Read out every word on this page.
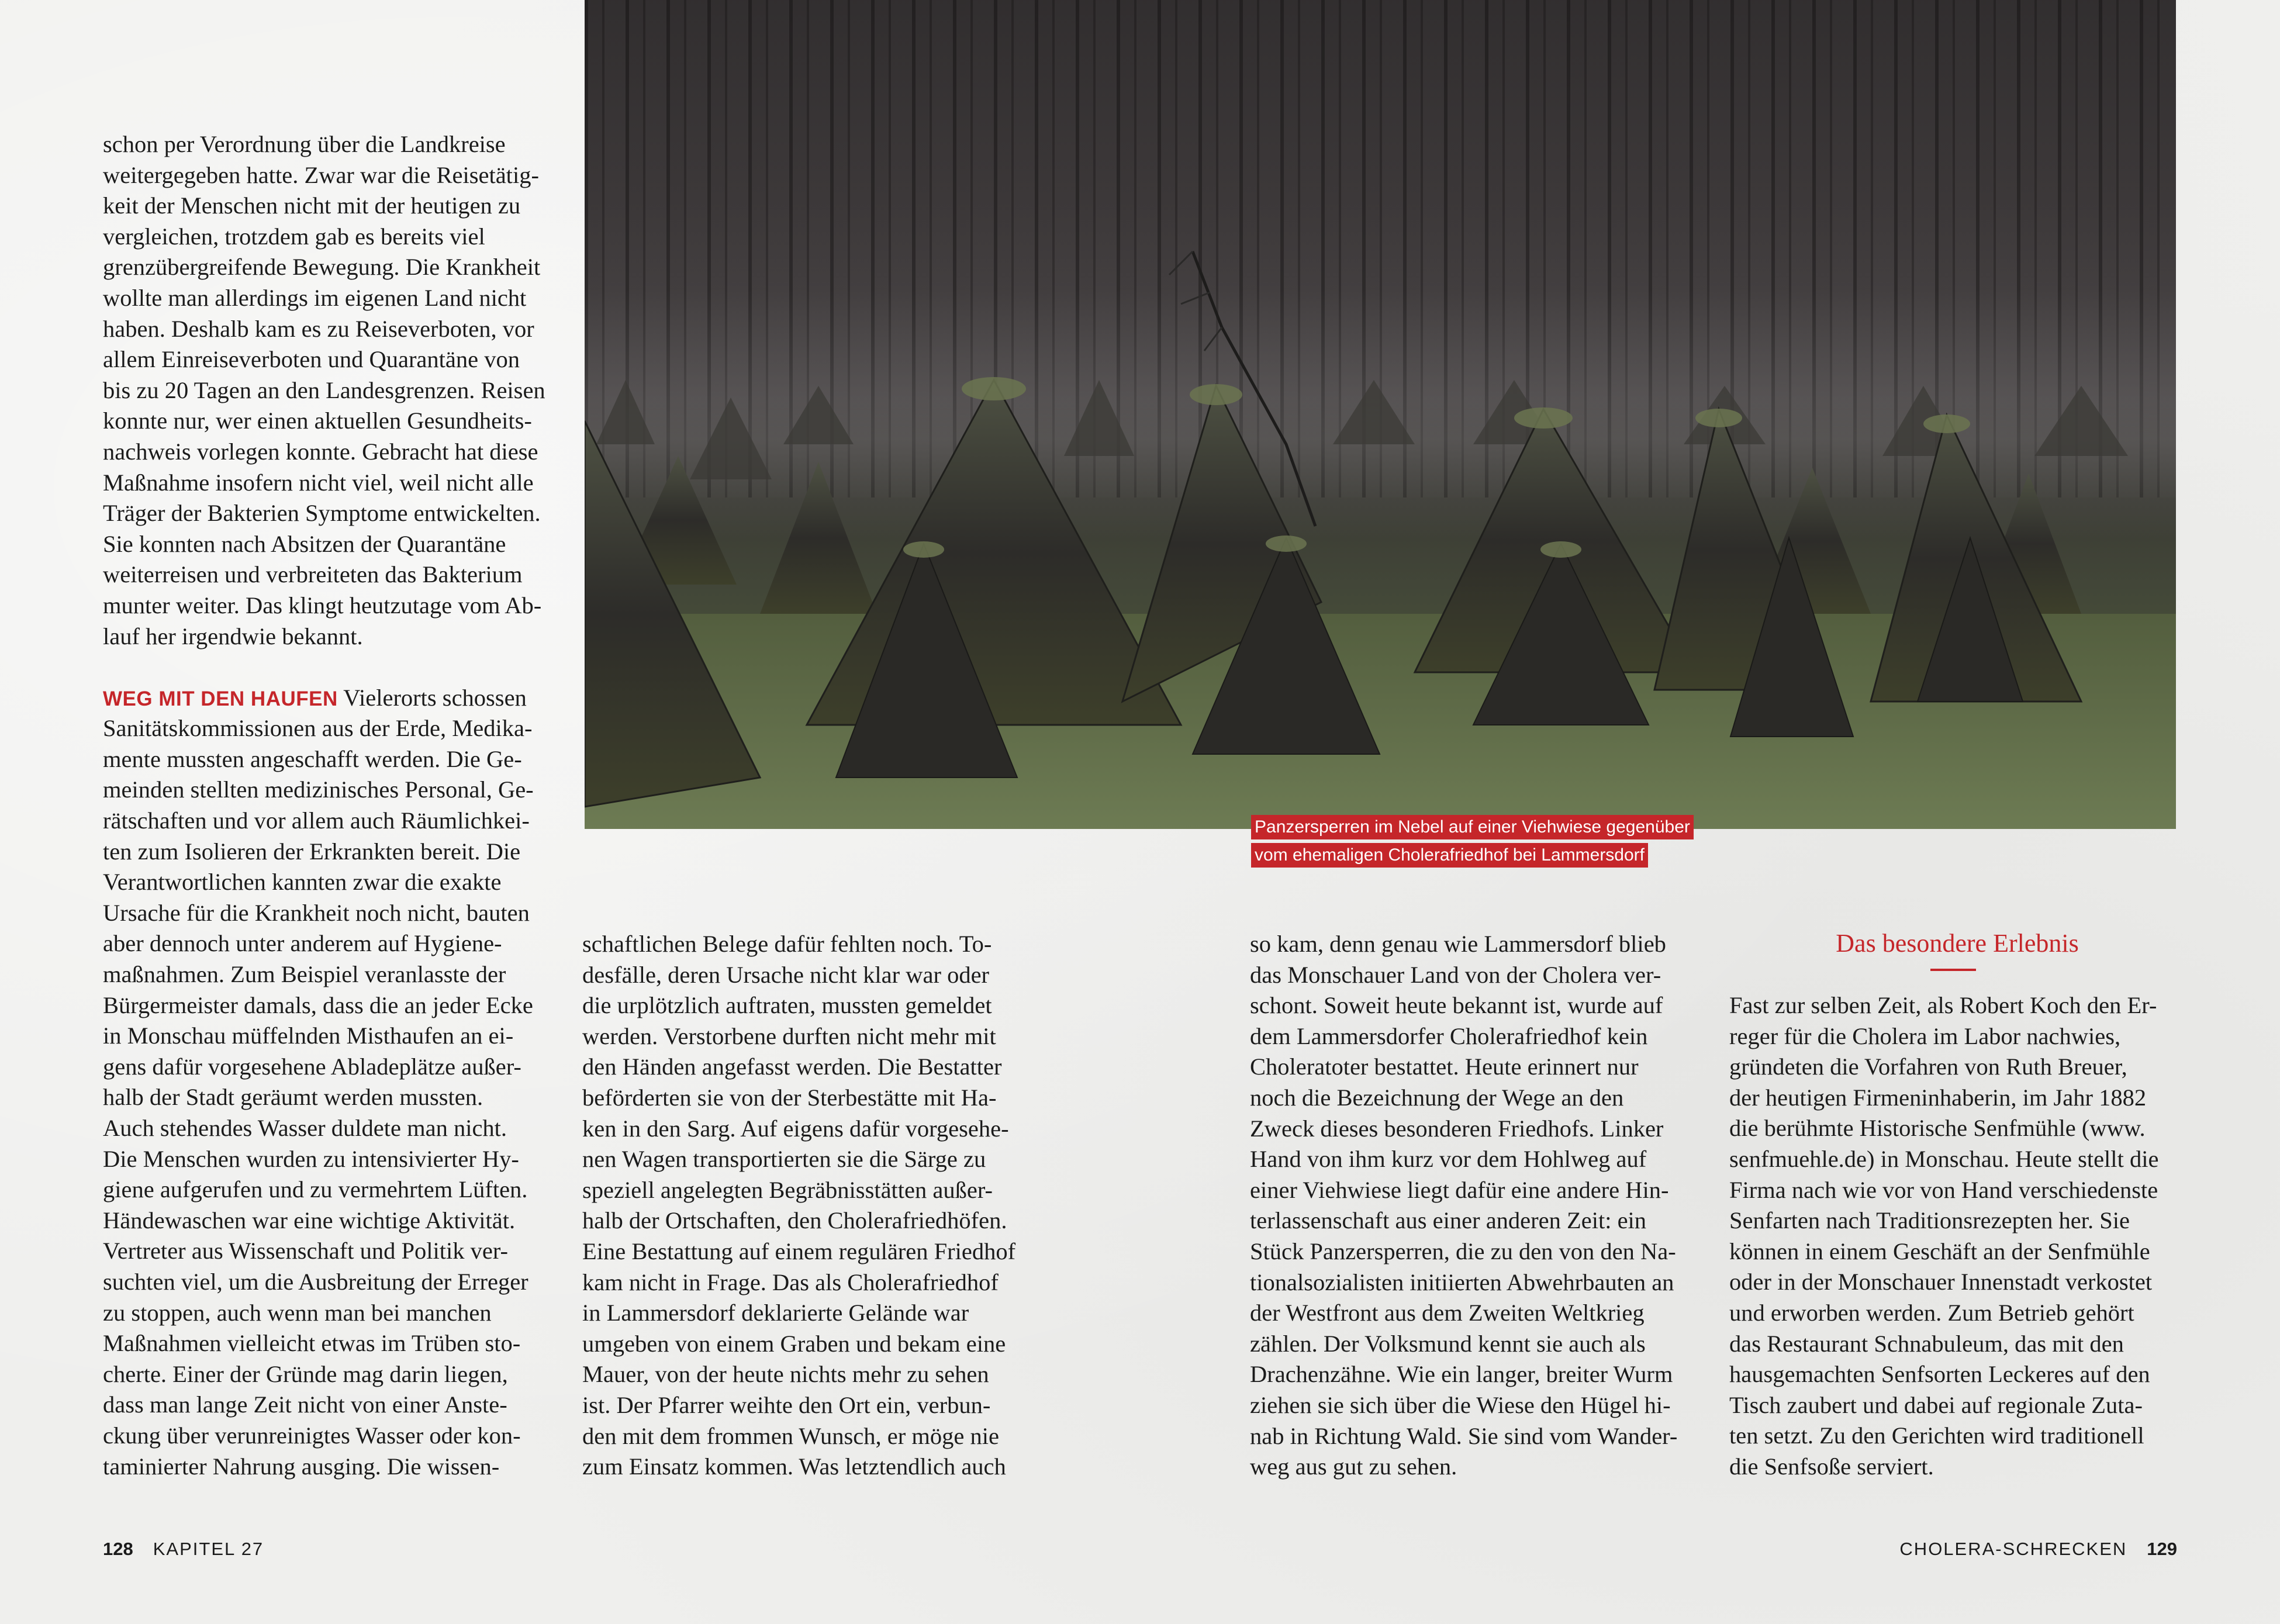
Panzersperren im Nebel auf einer Viehwiese gegenüber
vom ehemaligen Cholerafriedhof bei Lammersdorf
schon per Verordnung über die Landkreise
weitergegeben hatte. Zwar war die Reisetätig-
keit der Menschen nicht mit der heutigen zu
vergleichen, trotzdem gab es bereits viel
grenzübergreifende Bewegung. Die Krankheit
wollte man allerdings im eigenen Land nicht
haben. Deshalb kam es zu Reiseverboten, vor
allem Einreiseverboten und Quarantäne von
bis zu 20 Tagen an den Landesgrenzen. Reisen
konnte nur, wer einen aktuellen Gesundheits-
nachweis vorlegen konnte. Gebracht hat diese
Maßnahme insofern nicht viel, weil nicht alle
Träger der Bakterien Symptome entwickelten.
Sie konnten nach Absitzen der Quarantäne
weiterreisen und verbreiteten das Bakterium
munter weiter. Das klingt heutzutage vom Ab-
lauf her irgendwie bekannt.
WEG MIT DEN HAUFEN Vielerorts schossen
Sanitätskommissionen aus der Erde, Medika-
mente mussten angeschafft werden. Die Ge-
meinden stellten medizinisches Personal, Ge-
rätschaften und vor allem auch Räumlichkei-
ten zum Isolieren der Erkrankten bereit. Die
Verantwortlichen kannten zwar die exakte
Ursache für die Krankheit noch nicht, bauten
aber dennoch unter anderem auf Hygiene-
maßnahmen. Zum Beispiel veranlasste der
Bürgermeister damals, dass die an jeder Ecke
in Monschau müffelnden Misthaufen an ei-
gens dafür vorgesehene Abladeplätze außer-
halb der Stadt geräumt werden mussten.
Auch stehendes Wasser duldete man nicht.
Die Menschen wurden zu intensivierter Hy-
giene aufgerufen und zu vermehrtem Lüften.
Händewaschen war eine wichtige Aktivität.
Vertreter aus Wissenschaft und Politik ver-
suchten viel, um die Ausbreitung der Erreger
zu stoppen, auch wenn man bei manchen
Maßnahmen vielleicht etwas im Trüben sto-
cherte. Einer der Gründe mag darin liegen,
dass man lange Zeit nicht von einer Anste-
ckung über verunreinigtes Wasser oder kon-
taminierter Nahrung ausging. Die wissen-
schaftlichen Belege dafür fehlten noch. To-
desfälle, deren Ursache nicht klar war oder
die urplötzlich auftraten, mussten gemeldet
werden. Verstorbene durften nicht mehr mit
den Händen angefasst werden. Die Bestatter
beförderten sie von der Sterbestätte mit Ha-
ken in den Sarg. Auf eigens dafür vorgesehe-
nen Wagen transportierten sie die Särge zu
speziell angelegten Begräbnisstätten außer-
halb der Ortschaften, den Cholerafriedhöfen.
Eine Bestattung auf einem regulären Friedhof
kam nicht in Frage. Das als Cholerafriedhof
in Lammersdorf deklarierte Gelände war
umgeben von einem Graben und bekam eine
Mauer, von der heute nichts mehr zu sehen
ist. Der Pfarrer weihte den Ort ein, verbun-
den mit dem frommen Wunsch, er möge nie
zum Einsatz kommen. Was letztendlich auch
so kam, denn genau wie Lammersdorf blieb
das Monschauer Land von der Cholera ver-
schont. Soweit heute bekannt ist, wurde auf
dem Lammersdorfer Cholerafriedhof kein
Choleratoter bestattet. Heute erinnert nur
noch die Bezeichnung der Wege an den
Zweck dieses besonderen Friedhofs. Linker
Hand von ihm kurz vor dem Hohlweg auf
einer Viehwiese liegt dafür eine andere Hin-
terlassenschaft aus einer anderen Zeit: ein
Stück Panzersperren, die zu den von den Na-
tionalsozialisten initiierten Abwehrbauten an
der Westfront aus dem Zweiten Weltkrieg
zählen. Der Volksmund kennt sie auch als
Drachenzähne. Wie ein langer, breiter Wurm
ziehen sie sich über die Wiese den Hügel hi-
nab in Richtung Wald. Sie sind vom Wander-
weg aus gut zu sehen.
Das besondere Erlebnis
Fast zur selben Zeit, als Robert Koch den Er-
reger für die Cholera im Labor nachwies,
gründeten die Vorfahren von Ruth Breuer,
der heutigen Firmeninhaberin, im Jahr 1882
die berühmte Historische Senfmühle (www.
senfmuehle.de) in Monschau. Heute stellt die
Firma nach wie vor von Hand verschiedenste
Senfarten nach Traditionsrezepten her. Sie
können in einem Geschäft an der Senfmühle
oder in der Monschauer Innenstadt verkostet
und erworben werden. Zum Betrieb gehört
das Restaurant Schnabuleum, das mit den
hausgemachten Senfsorten Leckeres auf den
Tisch zaubert und dabei auf regionale Zuta-
ten setzt. Zu den Gerichten wird traditionell
die Senfsoße serviert.
128 KAPITEL 27	CHOLERA-SCHRECKEN 129
